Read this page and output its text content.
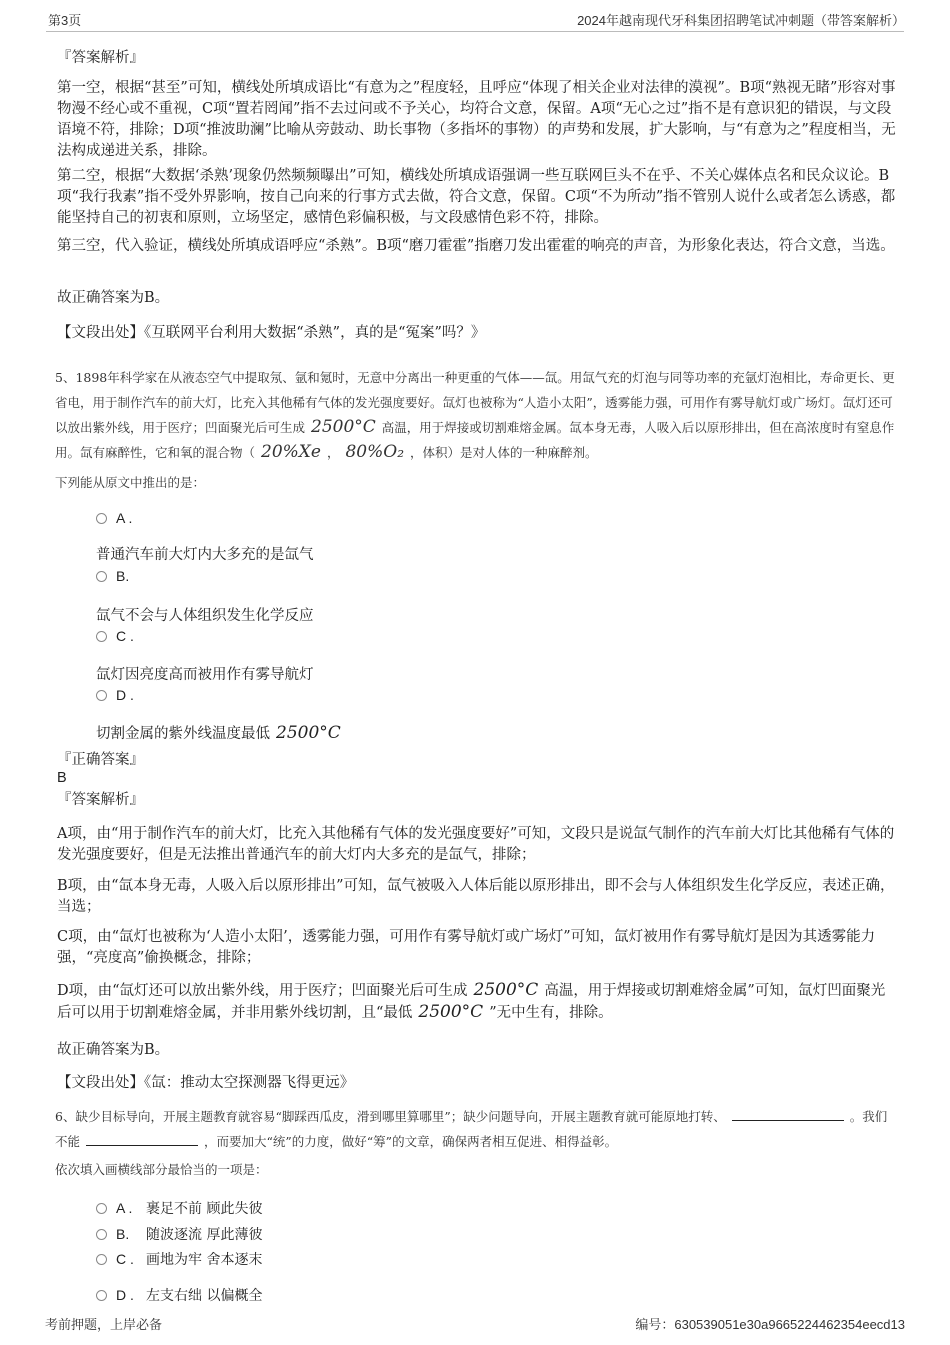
第3页	2024年越南现代牙科集团招聘笔试冲刺题（带答案解析）
『答案解析』
第一空，根据“甚至”可知，横线处所填成语比“有意为之”程度轻，且呼应“体现了相关企业对法律的漠视”。B项“熟视无睹”形容对事物漫不经心或不重视，C项“置若罔闻”指不去过问或不予关心，均符合文意，保留。A项“无心之过”指不是有意识犯的错误，与文段语境不符，排除；D项“推波助澜”比喻从旁鼓动、助长事物（多指坏的事物）的声势和发展，扩大影响，与“有意为之”程度相当，无法构成递进关系，排除。
第二空，根据“大数据‘杀熟’现象仍然频频曝出”可知，横线处所填成语强调一些互联网巨头不在乎、不关心媒体点名和民众议论。B项“我行我素”指不受外界影响，按自己向来的行事方式去做，符合文意，保留。C项“不为所动”指不管别人说什么或者怎么诱惑，都能坚持自己的初衷和原则，立场坚定，感情色彩偏积极，与文段感情色彩不符，排除。
第三空，代入验证，横线处所填成语呼应“杀熟”。B项“磨刀霍霍”指磨刀发出霍霍的响亮的声音，为形象化表达，符合文意，当选。
故正确答案为B。
【文段出处】《互联网平台利用大数据“杀熟”，真的是“冤案”吗？》
5、1898年科学家在从液态空气中提取氖、氩和氪时，无意中分离出一种更重的气体——氙。用氙气充的灯泡与同等功率的充氩灯泡相比，寿命更长、更省电，用于制作汽车的前大灯，比充入其他稀有气体的发光强度要好。氙灯也被称为“人造小太阳”，透雾能力强，可用作有雾导航灯或广场灯。氙灯还可以放出紫外线，用于医疗；凹面聚光后可生成 2500°C 高温，用于焊接或切割难熔金属。氙本身无毒，人吸入后以原形排出，但在高浓度时有窒息作用。氙有麻醉性，它和氧的混合物（ 20%Xe ， 80%O₂ ，体积）是对人体的一种麻醉剂。
下列能从原文中推出的是：
A .
普通汽车前大灯内大多充的是氙气
B.
氙气不会与人体组织发生化学反应
C .
氙灯因亮度高而被用作有雾导航灯
D .
切割金属的紫外线温度最低 2500°C
『正确答案』
B
『答案解析』
A项，由“用于制作汽车的前大灯，比充入其他稀有气体的发光强度要好”可知，文段只是说氙气制作的汽车前大灯比其他稀有气体的发光强度要好，但是无法推出普通汽车的前大灯内大多充的是氙气，排除；
B项，由“氙本身无毒，人吸入后以原形排出”可知，氙气被吸入人体后能以原形排出，即不会与人体组织发生化学反应，表述正确，当选；
C项，由“氙灯也被称为‘人造小太阳’，透雾能力强，可用作有雾导航灯或广场灯”可知，氙灯被用作有雾导航灯是因为其透雾能力强，“亮度高”偷换概念，排除；
D项，由“氙灯还可以放出紫外线，用于医疗；凹面聚光后可生成 2500°C 高温，用于焊接或切割难熔金属”可知，氙灯凹面聚光后可以用于切割难熔金属，并非用紫外线切割，且“最低 2500°C ”无中生有，排除。
故正确答案为B。
【文段出处】《氙：推动太空探测器飞得更远》
6、缺少目标导向，开展主题教育就容易“脚踩西瓜皮，滑到哪里算哪里”；缺少问题导向，开展主题教育就可能原地打转、	。我们不能	，而要加大“统”的力度，做好“筹”的文章，确保两者相互促进、相得益彰。
依次填入画横线部分最恰当的一项是：
A . 裹足不前 顾此失彼
B.	随波逐流 厚此薄彼
C . 画地为牢 舍本逐末
D . 左支右绌 以偏概全
考前押题，上岸必备	编号：630539051e30a9665224462354eecd13
